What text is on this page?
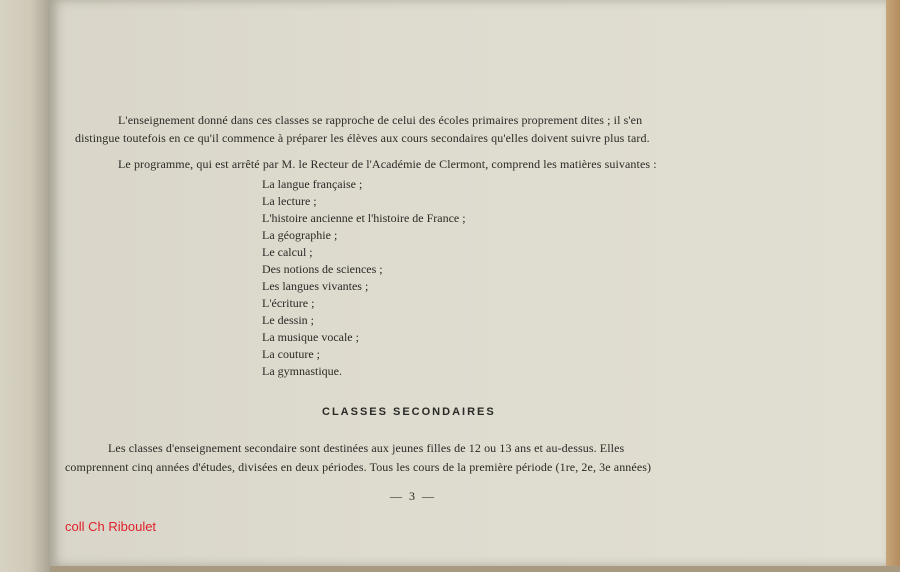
L'enseignement donné dans ces classes se rapproche de celui des écoles primaires proprement dites ; il s'en
distingue toutefois en ce qu'il commence à préparer les élèves aux cours secondaires qu'elles doivent suivre plus tard.
Le programme, qui est arrêté par M. le Recteur de l'Académie de Clermont, comprend les matières suivantes :
La langue française ;
La lecture ;
L'histoire ancienne et l'histoire de France ;
La géographie ;
Le calcul ;
Des notions de sciences ;
Les langues vivantes ;
L'écriture ;
Le dessin ;
La musique vocale ;
La couture ;
La gymnastique.
CLASSES SECONDAIRES
Les classes d'enseignement secondaire sont destinées aux jeunes filles de 12 ou 13 ans et au-dessus. Elles
comprennent cinq années d'études, divisées en deux périodes. Tous les cours de la première période (1re, 2e, 3e années)
— 3 —
coll Ch Riboulet
